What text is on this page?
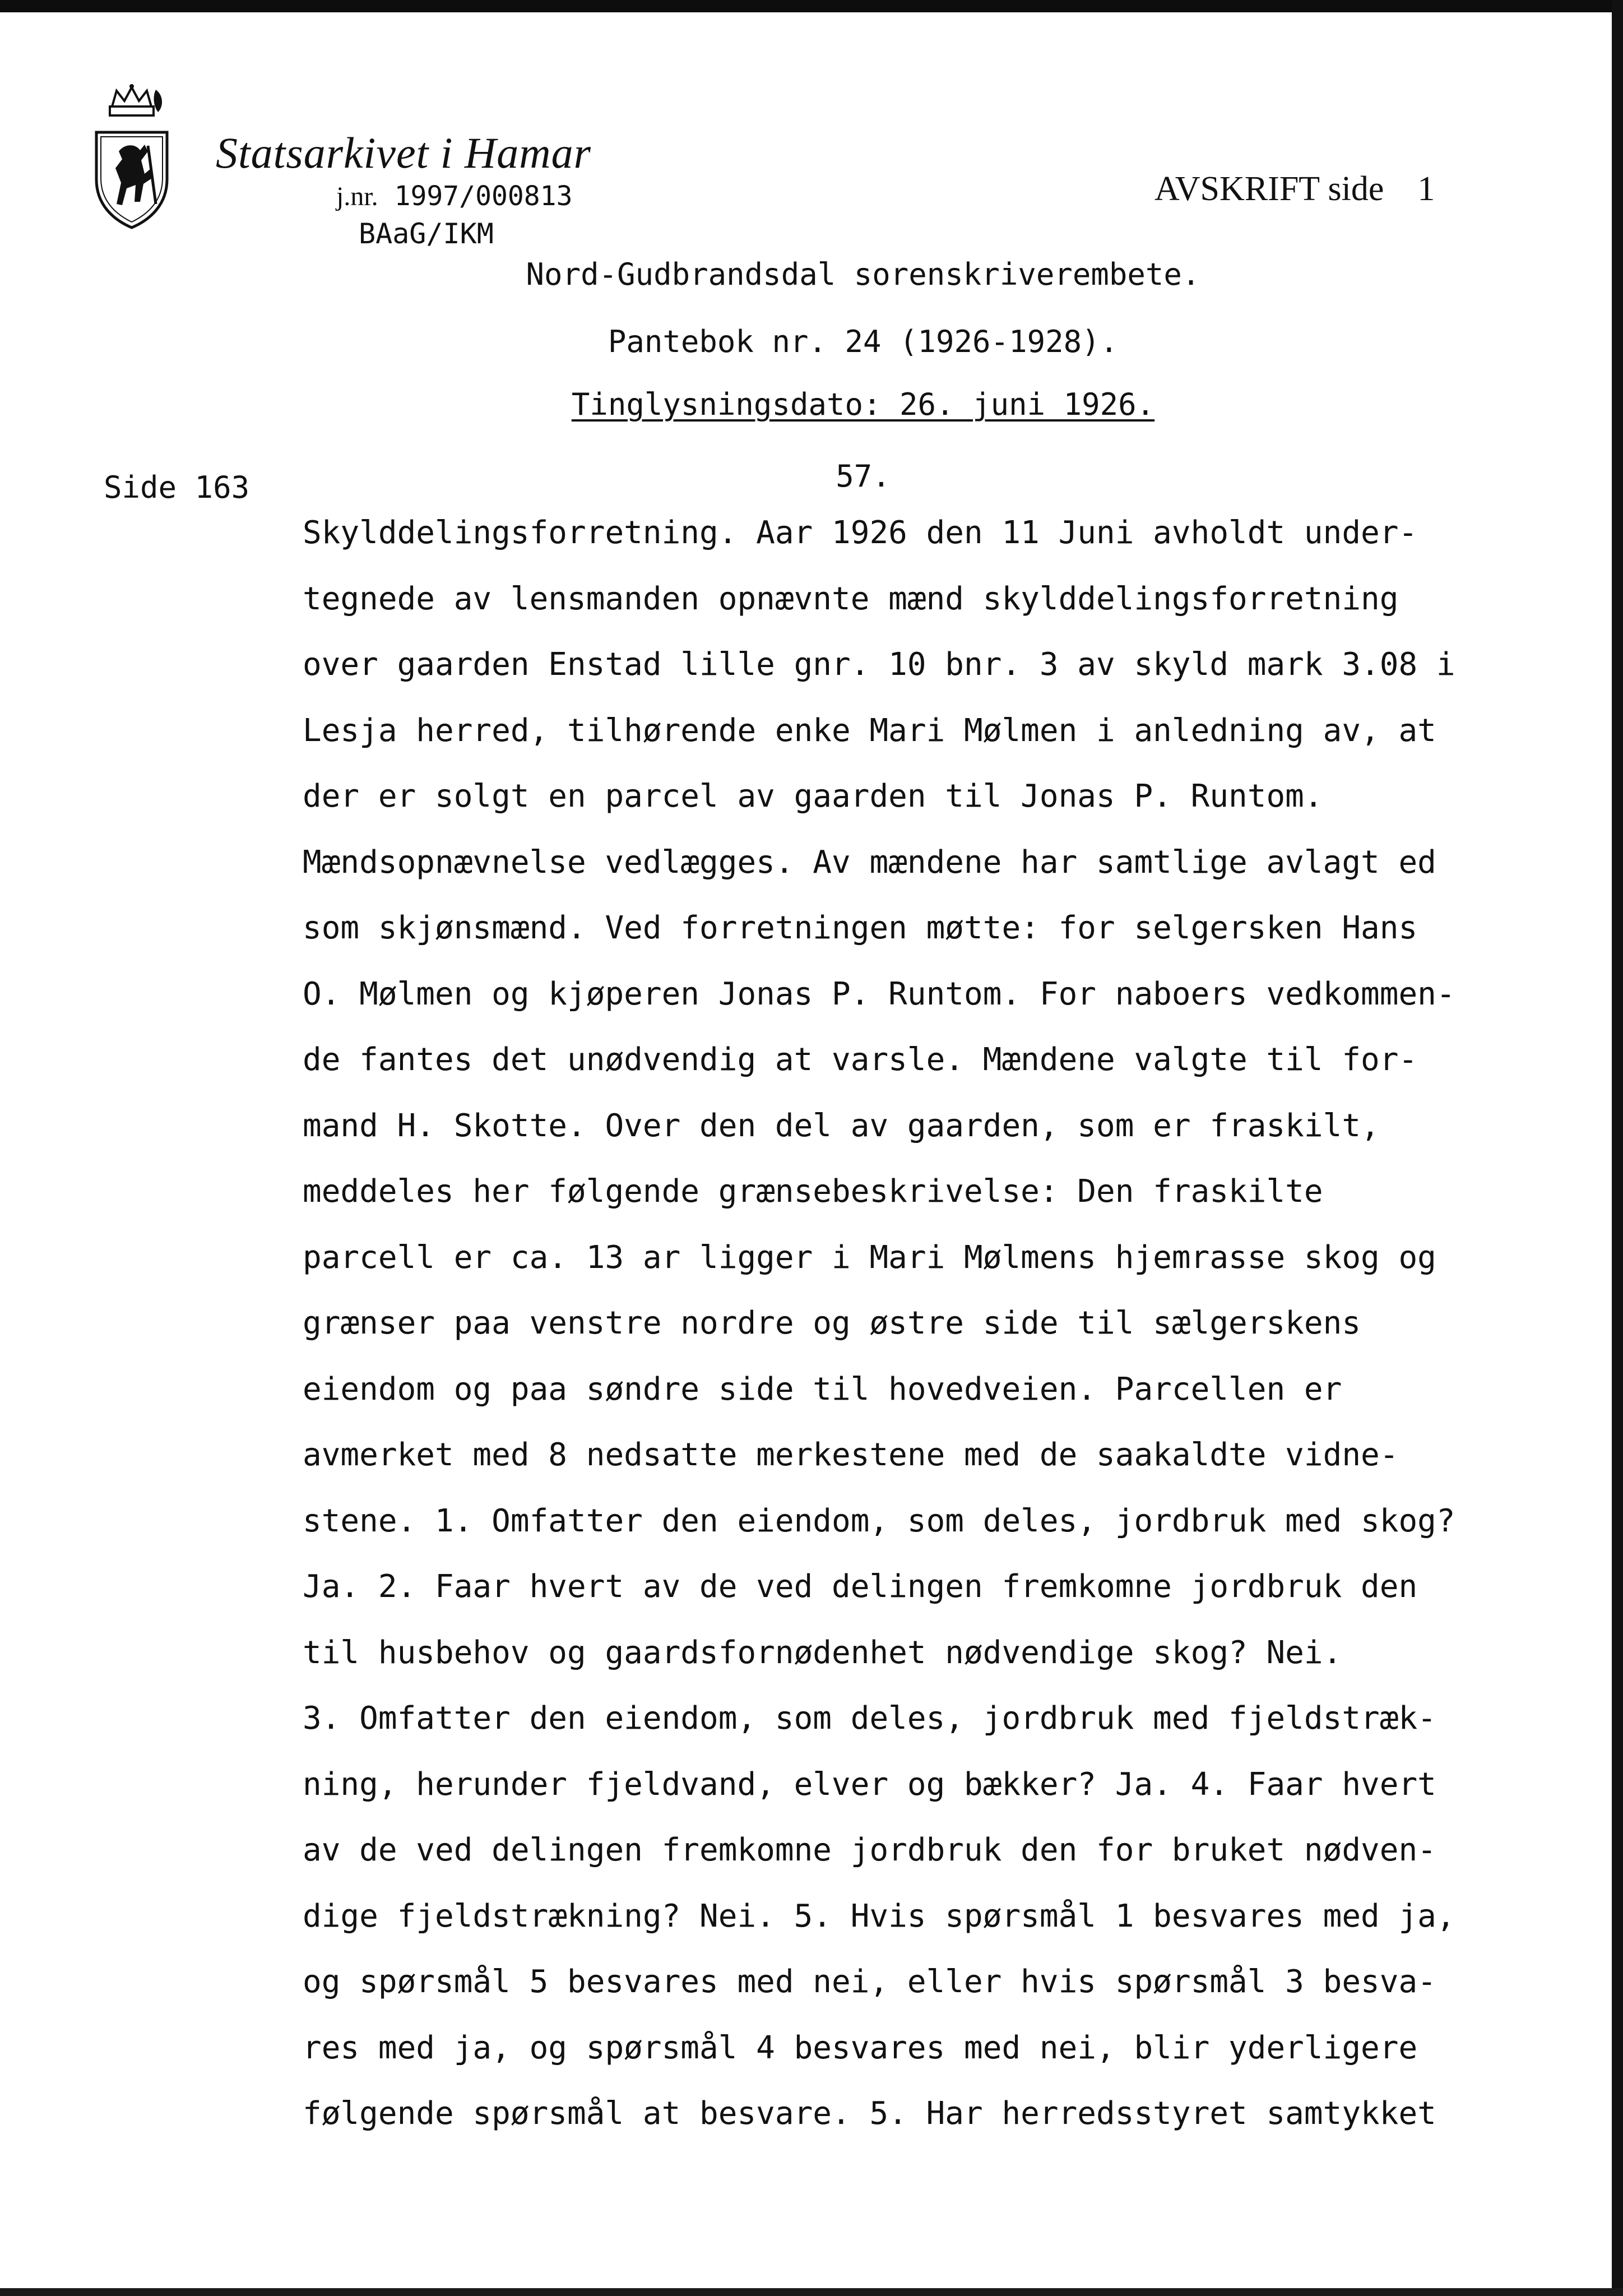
Statsarkivet i Hamar
j.nr. 1997/000813
BAaG/IKM
AVSKRIFT side 1
Nord-Gudbrandsdal sorenskriverembete.
Pantebok nr. 24 (1926-1928).
Tinglysningsdato: 26. juni 1926.
Side 163	57.
Skylddelingsforretning. Aar 1926 den 11 Juni avholdt under-
tegnede av lensmanden opnævnte mænd skylddelingsforretning
over gaarden Enstad lille gnr. 10 bnr. 3 av skyld mark 3.08 i
Lesja herred, tilhørende enke Mari Mølmen i anledning av, at
der er solgt en parcel av gaarden til Jonas P. Runtom.
Mændsopnævnelse vedlægges. Av mændene har samtlige avlagt ed
som skjønsmænd. Ved forretningen møtte: for selgersken Hans
O. Mølmen og kjøperen Jonas P. Runtom. For naboers vedkommen-
de fantes det unødvendig at varsle. Mændene valgte til for-
mand H. Skotte. Over den del av gaarden, som er fraskilt,
meddeles her følgende grænsebeskrivelse: Den fraskilte
parcell er ca. 13 ar ligger i Mari Mølmens hjemrasse skog og
grænser paa venstre nordre og østre side til sælgerskens
eiendom og paa søndre side til hovedveien. Parcellen er
avmerket med 8 nedsatte merkestene med de saakaldte vidne-
stene. 1. Omfatter den eiendom, som deles, jordbruk med skog?
Ja. 2. Faar hvert av de ved delingen fremkomne jordbruk den
til husbehov og gaardsfornødenhet nødvendige skog? Nei.
3. Omfatter den eiendom, som deles, jordbruk med fjeldstræk-
ning, herunder fjeldvand, elver og bækker? Ja. 4. Faar hvert
av de ved delingen fremkomne jordbruk den for bruket nødven-
dige fjeldstrækning? Nei. 5. Hvis spørsmål 1 besvares med ja,
og spørsmål 5 besvares med nei, eller hvis spørsmål 3 besva-
res med ja, og spørsmål 4 besvares med nei, blir yderligere
følgende spørsmål at besvare. 5. Har herredsstyret samtykket
